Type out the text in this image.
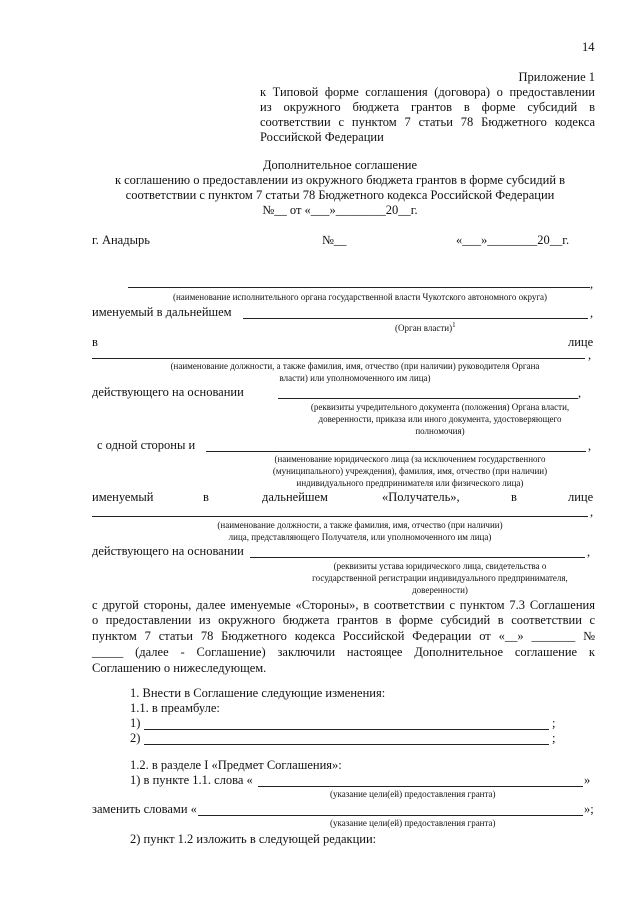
14
Приложение 1
к Типовой форме соглашения (договора) о предоставлении
из окружного бюджета грантов в форме субсидий в
соответствии с пунктом 7 статьи 78 Бюджетного кодекса
Российской Федерации
Дополнительное соглашение
к соглашению о предоставлении из окружного бюджета грантов в форме субсидий в
соответствии с пунктом 7 статьи 78 Бюджетного кодекса Российской Федерации
№__ от «___»________20__г.
г. Анадырь	№__	«___»________20__г.
,
(наименование исполнительного органа государственной власти Чукотского автономного округа)
именуемый в дальнейшем	,
(Орган власти)$^1$
в	лице
,
(наименование должности, а также фамилия, имя, отчество (при наличии) руководителя Органа
власти) или уполномоченного им лица)
действующего на основании	,
(реквизиты учредительного документа (положения) Органа власти,
доверенности, приказа или иного документа, удостоверяющего
полномочия)
с одной стороны и	,
(наименование юридического лица (за исключением государственного
(муниципального) учреждения), фамилия, имя, отчество (при наличии)
индивидуального предпринимателя или физического лица)
именуемый	в	дальнейшем	«Получатель»,	в	лице
,
(наименование должности, а также фамилия, имя, отчество (при наличии)
лица, представляющего Получателя, или уполномоченного им лица)
действующего на основании	,
(реквизиты устава юридического лица, свидетельства о
государственной регистрации индивидуального предпринимателя,
доверенности)
с другой стороны, далее именуемые «Стороны», в соответствии с пунктом 7.3 Соглашения
о предоставлении из окружного бюджета грантов в форме субсидий в соответствии с
пунктом 7 статьи 78 Бюджетного кодекса Российской Федерации от «__» _______ №
_____ (далее - Соглашение) заключили настоящее Дополнительное соглашение к
Соглашению о нижеследующем.
1. Внести в Соглашение следующие изменения:
1.1. в преамбуле:
1)	;
2)	;
1.2. в разделе I «Предмет Соглашения»:
1) в пункте 1.1. слова «	»
(указание цели(ей) предоставления гранта)
заменить словами «	»;
(указание цели(ей) предоставления гранта)
2) пункт 1.2 изложить в следующей редакции:
